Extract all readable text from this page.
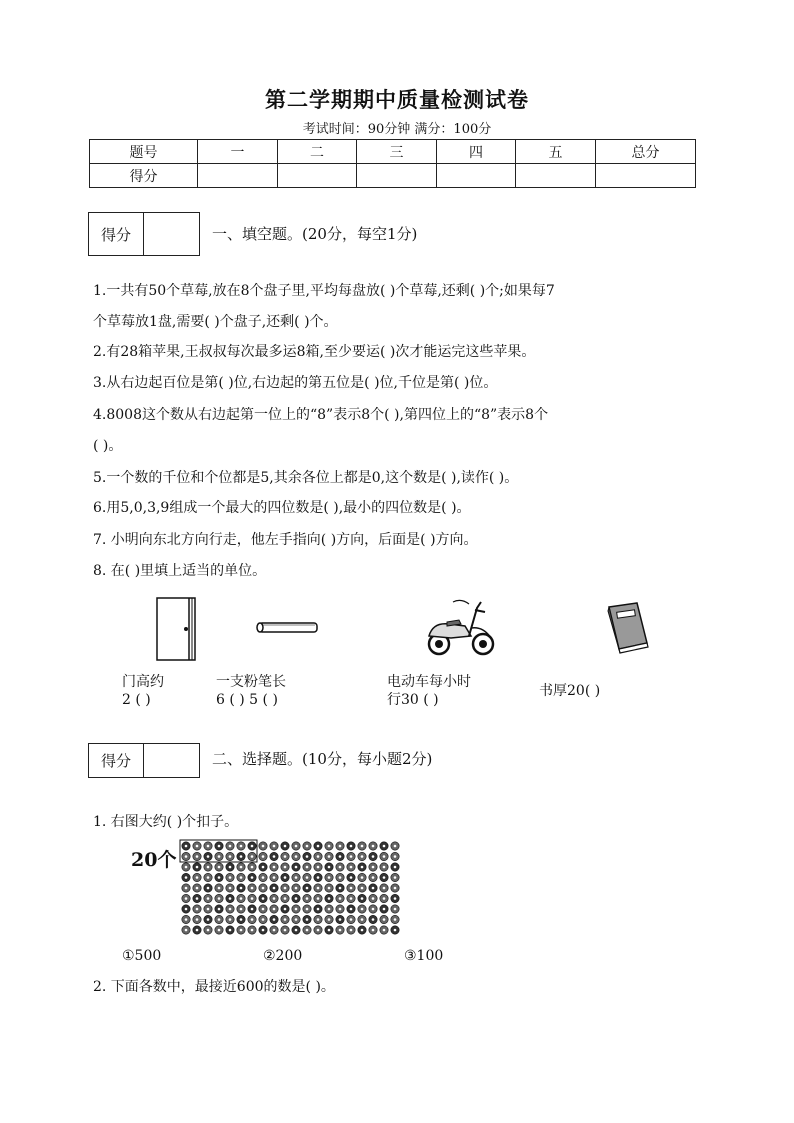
第二学期期中质量检测试卷
考试时间：90分钟 满分：100分
题号	一	二	三	四	五	总分
得分						
得分	一、填空题。(20分，每空1分)
1.一共有50个草莓,放在8个盘子里,平均每盘放( )个草莓,还剩( )个;如果每7
个草莓放1盘,需要( )个盘子,还剩( )个。
2.有28箱苹果,王叔叔每次最多运8箱,至少要运( )次才能运完这些苹果。
3.从右边起百位是第( )位,右边起的第五位是( )位,千位是第( )位。
4.8008这个数从右边起第一位上的“8”表示8个( ),第四位上的“8”表示8个
( )。
5.一个数的千位和个位都是5,其余各位上都是0,这个数是( ),读作( )。
6.用5,0,3,9组成一个最大的四位数是( ),最小的四位数是( )。
7. 小明向东北方向行走，他左手指向( )方向，后面是( )方向。
8. 在( )里填上适当的单位。
门高约
2 ( )
一支粉笔长
6 ( ) 5 ( )
电动车每小时
行30 ( )
书厚20( )
得分	二、选择题。(10分，每小题2分)
1. 右图大约( )个扣子。
20个
①500	②200	③100
2. 下面各数中，最接近600的数是( )。
